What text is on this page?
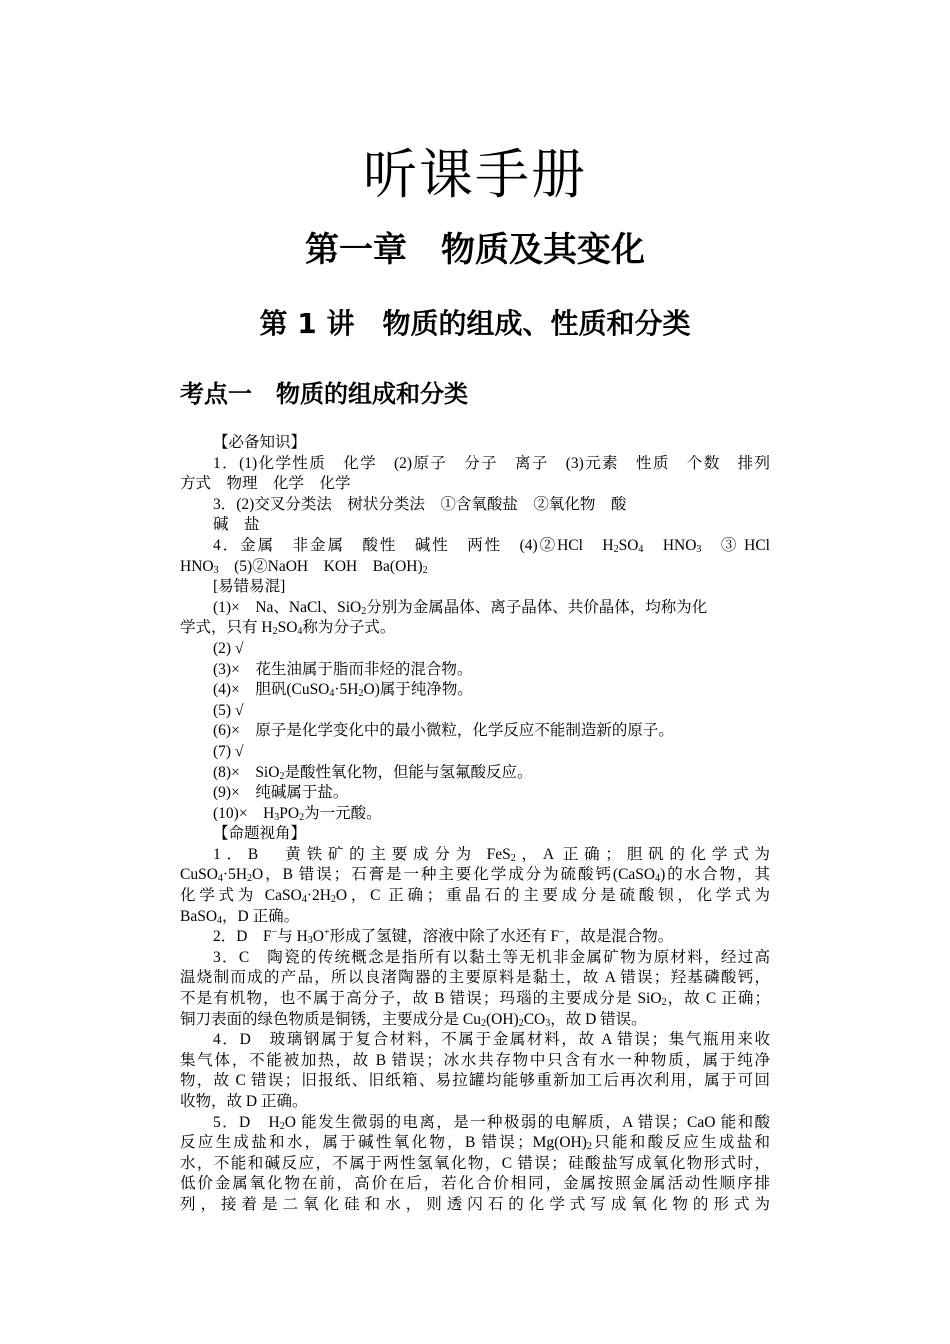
听课手册
第一章　物质及其变化
第 1 讲　物质的组成、性质和分类
考点一　物质的组成和分类
【必备知识】
1．(1)化学性质　化学　(2)原子　分子　离子　(3)元素　性质　个数　排列
方式　物理　化学　化学
3．(2)交叉分类法　树状分类法　①含氧酸盐　②氧化物　酸
碱　盐
4．金属　非金属　酸性　碱性　两性　(4)②HCl　$H_2SO_4$　$HNO_3$　③ HCl
$HNO_3$　(5)②NaOH　KOH　$Ba(OH)_2$
[易错易混]
(1)×　Na、NaCl、SiO$_2$分别为金属晶体、离子晶体、共价晶体，均称为化
学式，只有 $H_2SO_4$称为分子式。
(2) √
(3)×　花生油属于脂而非烃的混合物。
(4)×　胆矾$(CuSO_4\cdot 5H_2O)$属于纯净物。
(5) √
(6)×　原子是化学变化中的最小微粒，化学反应不能制造新的原子。
(7) √
(8)×　SiO$_2$是酸性氧化物，但能与氢氟酸反应。
(9)×　纯碱属于盐。
(10)×　$H_3PO_2$为一元酸。
【命题视角】
1．B　黄铁矿的主要成分为 FeS$_2$，A 正确；胆矾的化学式为
$CuSO_4\cdot 5H_2O$，B 错误；石膏是一种主要化学成分为硫酸钙(CaSO$_4$)的水合物，其
化学式为 $CaSO_4\cdot 2H_2O$，C 正确；重晶石的主要成分是硫酸钡，化学式为
BaSO$_4$，D 正确。
2．D　F−与 $H_3O^+$形成了氢键，溶液中除了水还有 F−，故是混合物。
3．C　陶瓷的传统概念是指所有以黏土等无机非金属矿物为原材料，经过高
温烧制而成的产品，所以良渚陶器的主要原料是黏土，故 A 错误；羟基磷酸钙，
不是有机物，也不属于高分子，故 B 错误；玛瑙的主要成分是 SiO$_2$，故 C 正确；
铜刀表面的绿色物质是铜锈，主要成分是 $Cu_2(OH)_2CO_3$，故 D 错误。
4．D　玻璃钢属于复合材料，不属于金属材料，故 A 错误；集气瓶用来收
集气体，不能被加热，故 B 错误；冰水共存物中只含有水一种物质，属于纯净
物，故 C 错误；旧报纸、旧纸箱、易拉罐均能够重新加工后再次利用，属于可回
收物，故 D 正确。
5．D　$H_2O$ 能发生微弱的电离，是一种极弱的电解质，A 错误；CaO 能和酸
反应生成盐和水，属于碱性氧化物，B 错误；$Mg(OH)_2$只能和酸反应生成盐和
水，不能和碱反应，不属于两性氢氧化物，C 错误；硅酸盐写成氧化物形式时，
低价金属氧化物在前，高价在后，若化合价相同，金属按照金属活动性顺序排
列，接着是二氧化硅和水，则透闪石的化学式写成氧化物的形式为
